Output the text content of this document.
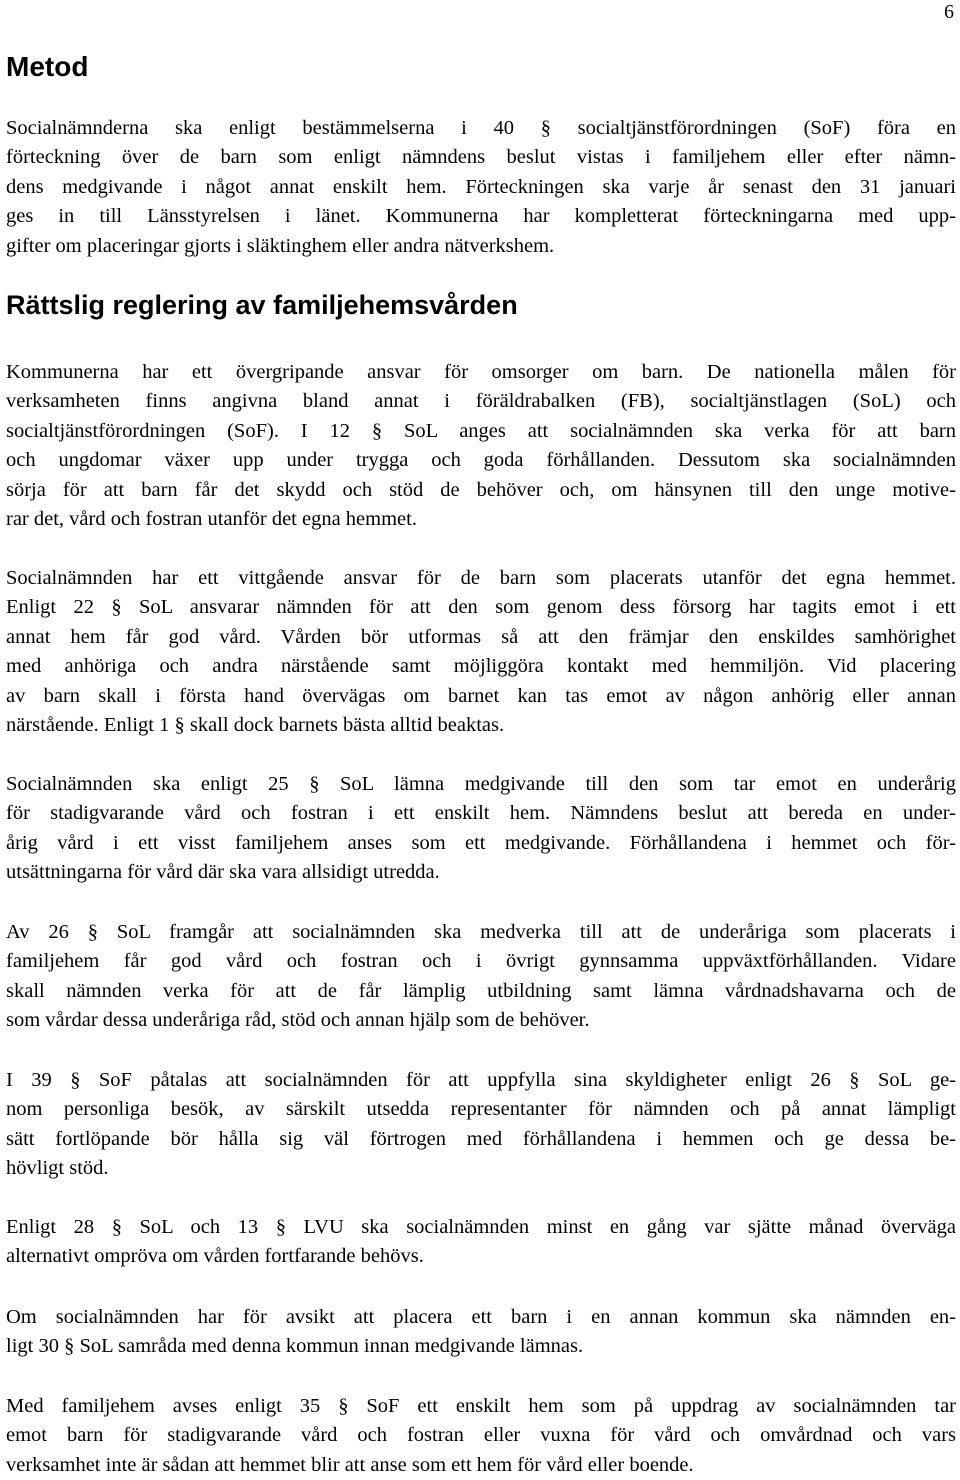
6
Metod

Socialnämnderna ska enligt bestämmelserna i 40 § socialtjänstförordningen (SoF) föra en
förteckning över de barn som enligt nämndens beslut vistas i familjehem eller efter nämn-
dens medgivande i något annat enskilt hem. Förteckningen ska varje år senast den 31 januari
ges in till Länsstyrelsen i länet. Kommunerna har kompletterat förteckningarna med upp-
gifter om placeringar gjorts i släktinghem eller andra nätverkshem.

Rättslig reglering av familjehemsvården

Kommunerna har ett övergripande ansvar för omsorger om barn. De nationella målen för
verksamheten finns angivna bland annat i föräldrabalken (FB), socialtjänstlagen (SoL) och
socialtjänstförordningen (SoF). I 12 § SoL anges att socialnämnden ska verka för att barn
och ungdomar växer upp under trygga och goda förhållanden. Dessutom ska socialnämnden
sörja för att barn får det skydd och stöd de behöver och, om hänsynen till den unge motive-
rar det, vård och fostran utanför det egna hemmet.

Socialnämnden har ett vittgående ansvar för de barn som placerats utanför det egna hemmet.
Enligt 22 § SoL ansvarar nämnden för att den som genom dess försorg har tagits emot i ett
annat hem får god vård. Vården bör utformas så att den främjar den enskildes samhörighet
med anhöriga och andra närstående samt möjliggöra kontakt med hemmiljön. Vid placering
av barn skall i första hand övervägas om barnet kan tas emot av någon anhörig eller annan
närstående. Enligt 1 § skall dock barnets bästa alltid beaktas.

Socialnämnden ska enligt 25 § SoL lämna medgivande till den som tar emot en underårig
för stadigvarande vård och fostran i ett enskilt hem. Nämndens beslut att bereda en under-
årig vård i ett visst familjehem anses som ett medgivande. Förhållandena i hemmet och för-
utsättningarna för vård där ska vara allsidigt utredda.

Av 26 § SoL framgår att socialnämnden ska medverka till att de underåriga som placerats i
familjehem får god vård och fostran och i övrigt gynnsamma uppväxtförhållanden. Vidare
skall nämnden verka för att de får lämplig utbildning samt lämna vårdnadshavarna och de
som vårdar dessa underåriga råd, stöd och annan hjälp som de behöver.

I 39 § SoF påtalas att socialnämnden för att uppfylla sina skyldigheter enligt 26 § SoL ge-
nom personliga besök, av särskilt utsedda representanter för nämnden och på annat lämpligt
sätt fortlöpande bör hålla sig väl förtrogen med förhållandena i hemmen och ge dessa be-
hövligt stöd.

Enligt 28 § SoL och 13 § LVU ska socialnämnden minst en gång var sjätte månad överväga
alternativt ompröva om vården fortfarande behövs.

Om socialnämnden har för avsikt att placera ett barn i en annan kommun ska nämnden en-
ligt 30 § SoL samråda med denna kommun innan medgivande lämnas.

Med familjehem avses enligt 35 § SoF ett enskilt hem som på uppdrag av socialnämnden tar
emot barn för stadigvarande vård och fostran eller vuxna för vård och omvårdnad och vars
verksamhet inte är sådan att hemmet blir att anse som ett hem för vård eller boende.
